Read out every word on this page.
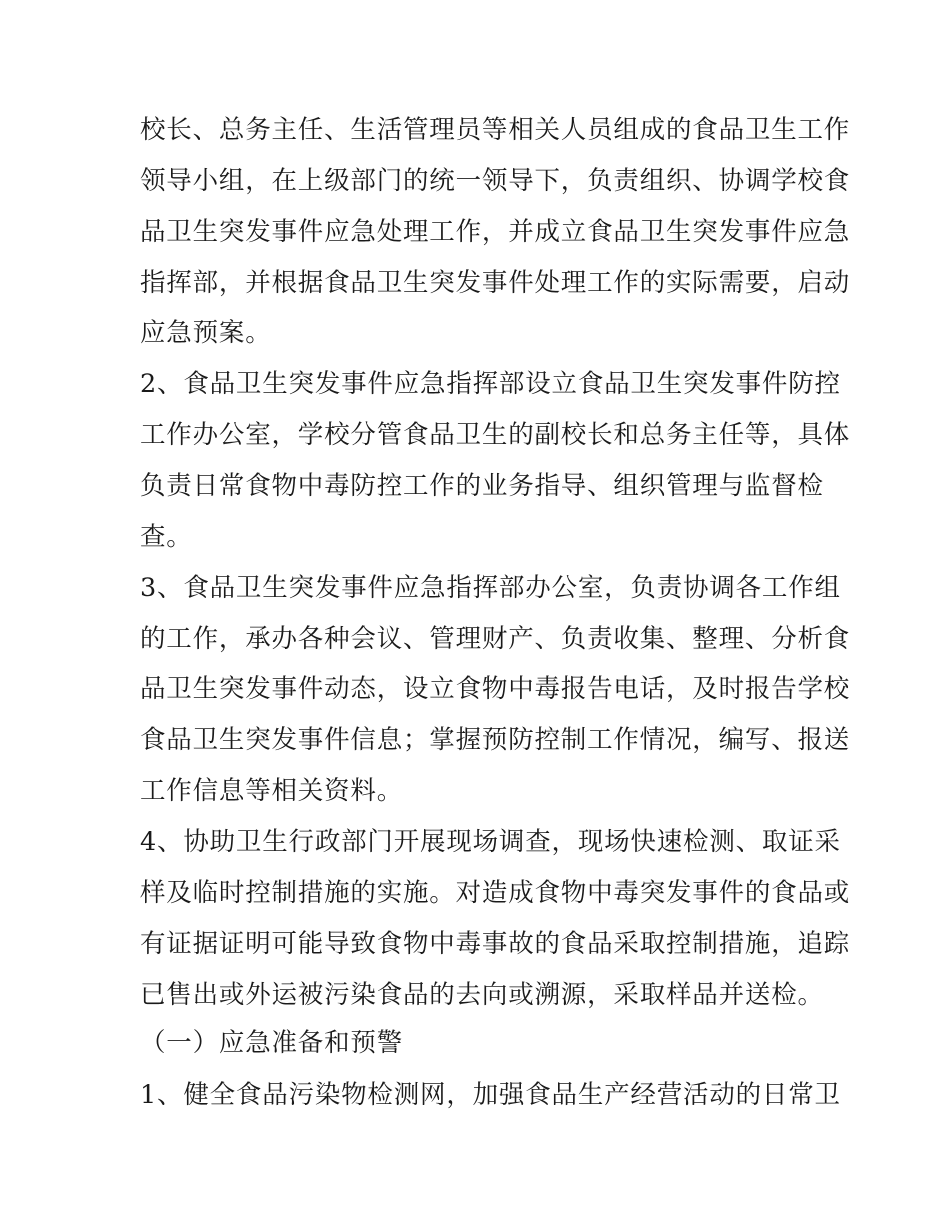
校长、总务主任、生活管理员等相关人员组成的食品卫生工作
领导小组，在上级部门的统一领导下，负责组织、协调学校食
品卫生突发事件应急处理工作，并成立食品卫生突发事件应急
指挥部，并根据食品卫生突发事件处理工作的实际需要，启动
应急预案。
2、食品卫生突发事件应急指挥部设立食品卫生突发事件防控
工作办公室，学校分管食品卫生的副校长和总务主任等，具体
负责日常食物中毒防控工作的业务指导、组织管理与监督检
查。
3、食品卫生突发事件应急指挥部办公室，负责协调各工作组
的工作，承办各种会议、管理财产、负责收集、整理、分析食
品卫生突发事件动态，设立食物中毒报告电话，及时报告学校
食品卫生突发事件信息；掌握预防控制工作情况，编写、报送
工作信息等相关资料。
4、协助卫生行政部门开展现场调查，现场快速检测、取证采
样及临时控制措施的实施。对造成食物中毒突发事件的食品或
有证据证明可能导致食物中毒事故的食品采取控制措施，追踪
已售出或外运被污染食品的去向或溯源，采取样品并送检。
（一）应急准备和预警
1、健全食品污染物检测网，加强食品生产经营活动的日常卫
